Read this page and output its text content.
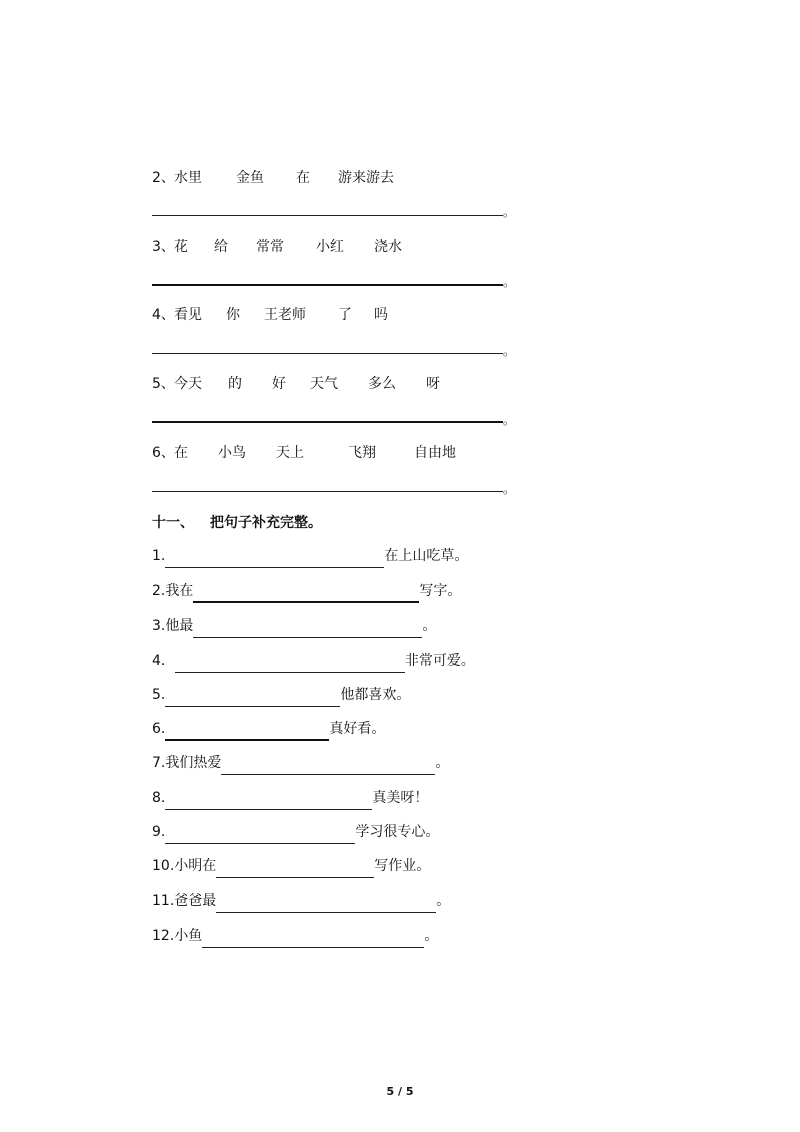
2、 水里 金鱼 在 游来游去
。
3、 花 给 常常 小红 浇水
。
4、 看见 你 王老师 了 吗
。
5、 今天 的 好 天气 多么 呀
。
6、 在 小鸟 天上	飞翔	自由地
。
十一、 把句子补充完整。
1.	在上山吃草。
2.我在	写字。
3.他最	。
4．	非常可爱。
5.	他都喜欢。
6.	真好看。
7.我们热爱	。
8.	真美呀！
9.	学习很专心。
10.小明在	写作业。
11.爸爸最	。
12.小鱼	。
5 / 5
